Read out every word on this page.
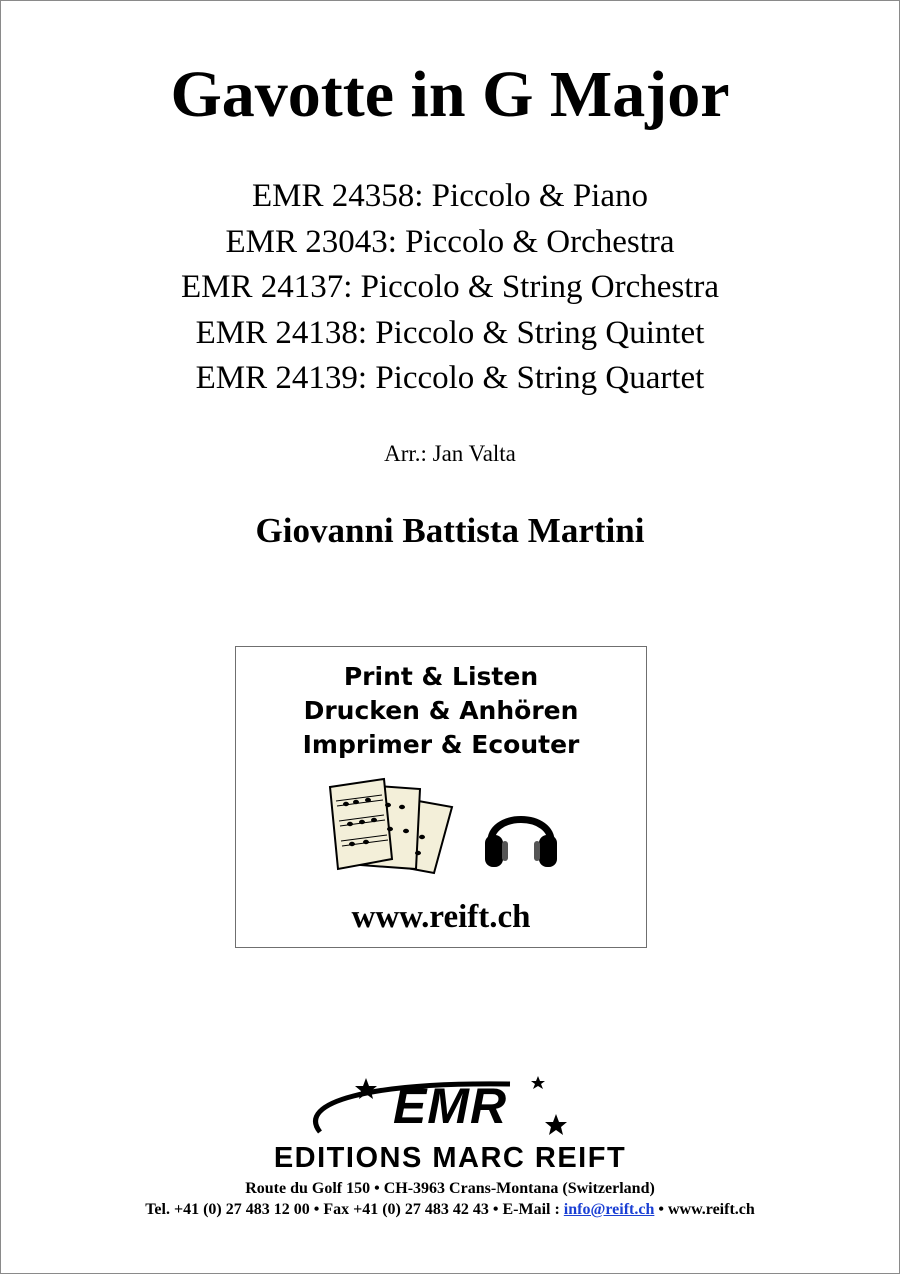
Gavotte in G Major
EMR 24358: Piccolo & Piano
EMR 23043: Piccolo & Orchestra
EMR 24137: Piccolo & String Orchestra
EMR 24138: Piccolo & String Quintet
EMR 24139: Piccolo & String Quartet
Arr.: Jan Valta
Giovanni Battista Martini
Print & Listen
Drucken & Anhören
Imprimer & Ecouter
www.reift.ch
EMR
EDITIONS MARC REIFT
Route du Golf 150 • CH-3963 Crans-Montana (Switzerland)
Tel. +41 (0) 27 483 12 00 • Fax +41 (0) 27 483 42 43 • E-Mail : info@reift.ch • www.reift.ch
